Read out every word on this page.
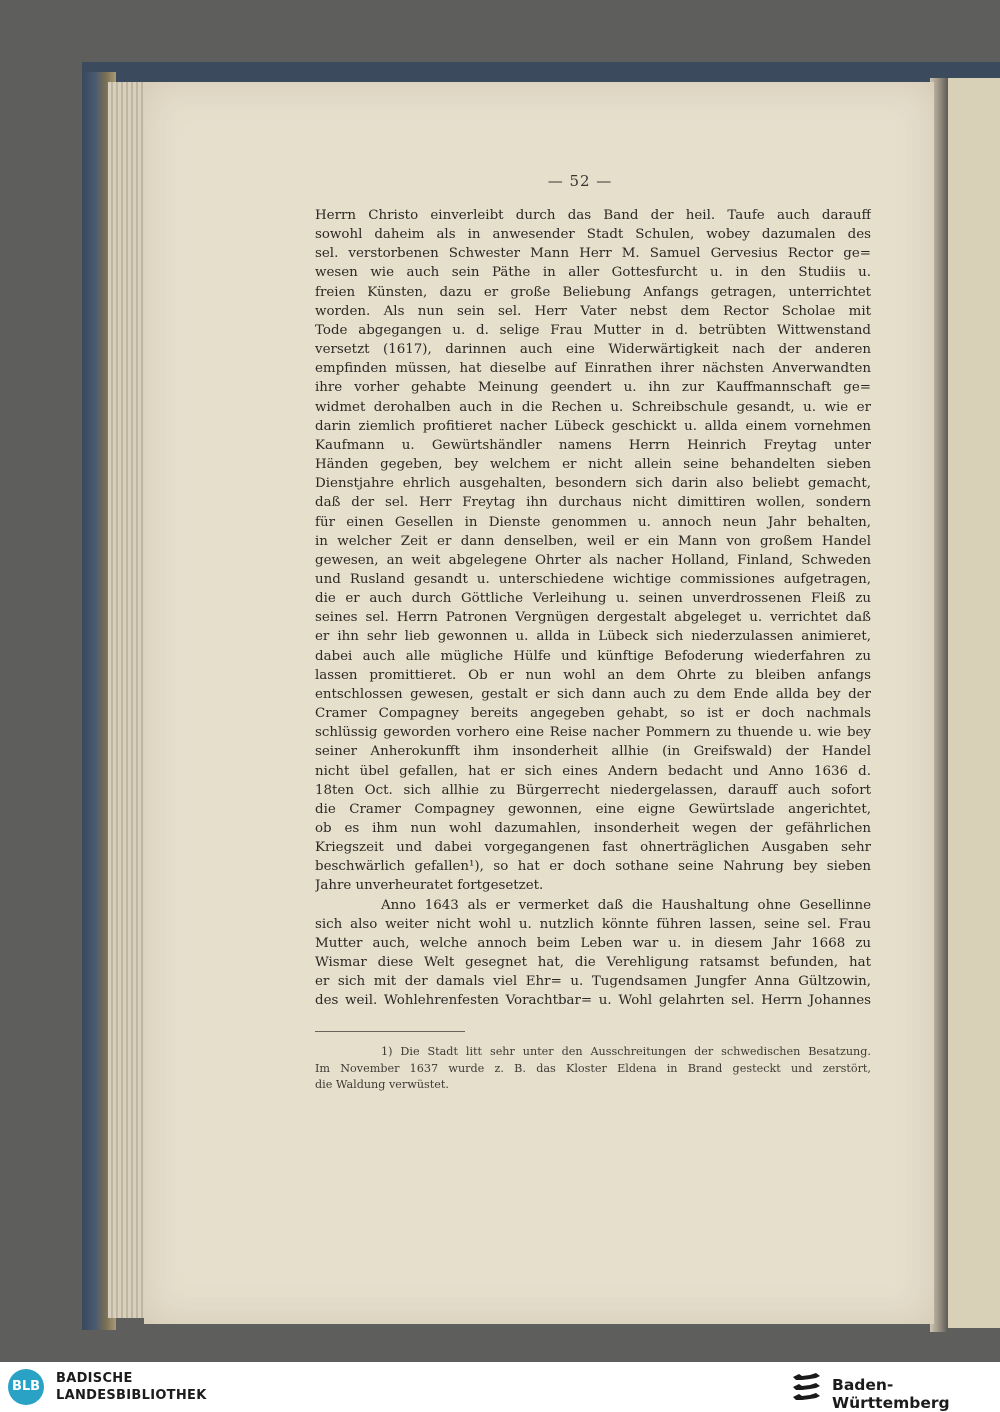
— 52 —
Herrn Christo einverleibt durch das Band der heil. Taufe auch darauff
sowohl daheim als in anwesender Stadt Schulen, wobey dazumalen des
sel. verstorbenen Schwester Mann Herr M. Samuel Gervesius Rector ge=
wesen wie auch sein Päthe in aller Gottesfurcht u. in den Studiis u.
freien Künsten, dazu er große Beliebung Anfangs getragen, unterrichtet
worden. Als nun sein sel. Herr Vater nebst dem Rector Scholae mit
Tode abgegangen u. d. selige Frau Mutter in d. betrübten Wittwenstand
versetzt (1617), darinnen auch eine Widerwärtigkeit nach der anderen
empfinden müssen, hat dieselbe auf Einrathen ihrer nächsten Anverwandten
ihre vorher gehabte Meinung geendert u. ihn zur Kauffmannschaft ge=
widmet derohalben auch in die Rechen u. Schreibschule gesandt, u. wie er
darin ziemlich profitieret nacher Lübeck geschickt u. allda einem vornehmen
Kaufmann u. Gewürtshändler namens Herrn Heinrich Freytag unter
Händen gegeben, bey welchem er nicht allein seine behandelten sieben
Dienstjahre ehrlich ausgehalten, besondern sich darin also beliebt gemacht,
daß der sel. Herr Freytag ihn durchaus nicht dimittiren wollen, sondern
für einen Gesellen in Dienste genommen u. annoch neun Jahr behalten,
in welcher Zeit er dann denselben, weil er ein Mann von großem Handel
gewesen, an weit abgelegene Ohrter als nacher Holland, Finland, Schweden
und Rusland gesandt u. unterschiedene wichtige commissiones aufgetragen,
die er auch durch Göttliche Verleihung u. seinen unverdrossenen Fleiß zu
seines sel. Herrn Patronen Vergnügen dergestalt abgeleget u. verrichtet daß
er ihn sehr lieb gewonnen u. allda in Lübeck sich niederzulassen animieret,
dabei auch alle mügliche Hülfe und künftige Befoderung wiederfahren zu
lassen promittieret. Ob er nun wohl an dem Ohrte zu bleiben anfangs
entschlossen gewesen, gestalt er sich dann auch zu dem Ende allda bey der
Cramer Compagney bereits angegeben gehabt, so ist er doch nachmals
schlüssig geworden vorhero eine Reise nacher Pommern zu thuende u. wie bey
seiner Anherokunfft ihm insonderheit allhie (in Greifswald) der Handel
nicht übel gefallen, hat er sich eines Andern bedacht und Anno 1636 d.
18ten Oct. sich allhie zu Bürgerrecht niedergelassen, darauff auch sofort
die Cramer Compagney gewonnen, eine eigne Gewürtslade angerichtet,
ob es ihm nun wohl dazumahlen, insonderheit wegen der gefährlichen
Kriegszeit und dabei vorgegangenen fast ohnerträglichen Ausgaben sehr
beschwärlich gefallen¹), so hat er doch sothane seine Nahrung bey sieben
Jahre unverheuratet fortgesetzet.
Anno 1643 als er vermerket daß die Haushaltung ohne Gesellinne
sich also weiter nicht wohl u. nutzlich könnte führen lassen, seine sel. Frau
Mutter auch, welche annoch beim Leben war u. in diesem Jahr 1668 zu
Wismar diese Welt gesegnet hat, die Verehligung ratsamst befunden, hat
er sich mit der damals viel Ehr= u. Tugendsamen Jungfer Anna Gültzowin,
des weil. Wohlehrenfesten Vorachtbar= u. Wohl gelahrten sel. Herrn Johannes
1) Die Stadt litt sehr unter den Ausschreitungen der schwedischen Besatzung.
Im November 1637 wurde z. B. das Kloster Eldena in Brand gesteckt und zerstört,
die Waldung verwüstet.
BLB
BADISCHE
LANDESBIBLIOTHEK
Baden-Württemberg
